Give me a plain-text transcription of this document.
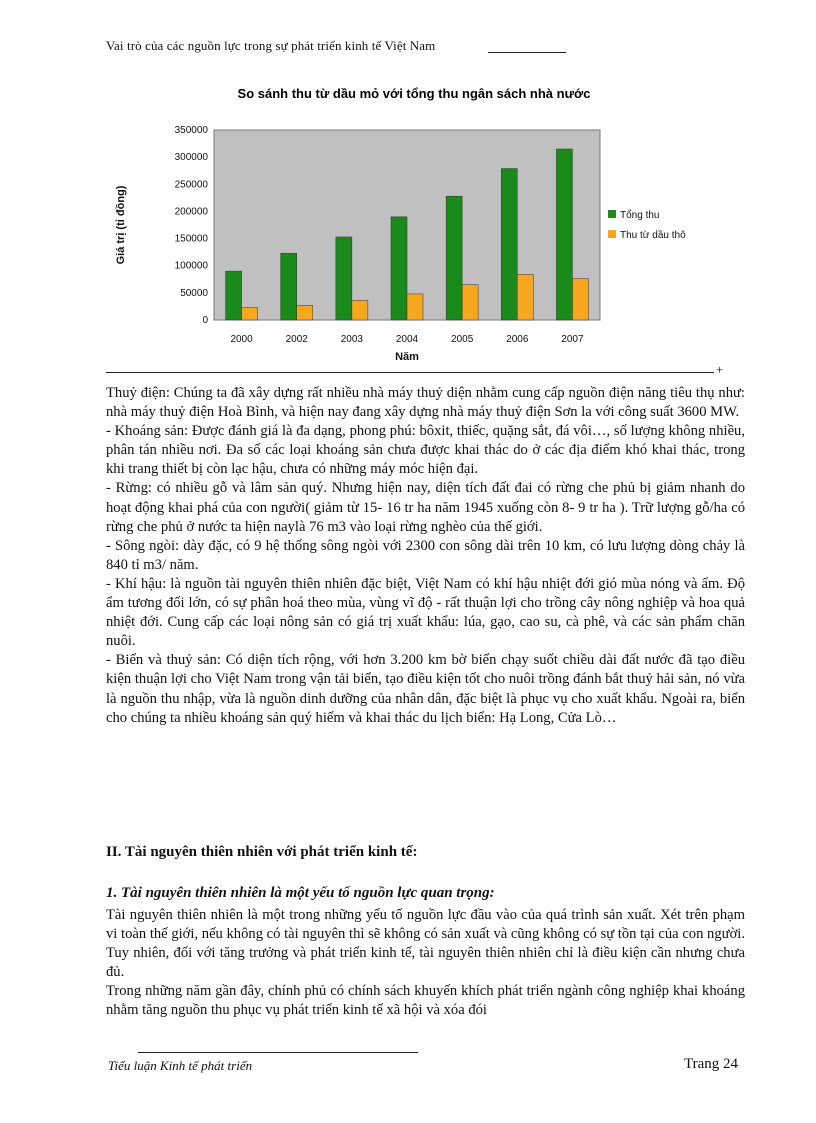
Vai trò của các nguồn lực trong sự phát triển kinh tế Việt Nam
So sánh thu từ dầu mỏ với tổng thu ngân sách nhà nước
0
50000
100000
150000
200000
250000
300000
350000
2000	2002	2003	2004	2005	2006	2007
Giá trị (tỉ đồng)
Năm
Tổng thu
Thu từ dầu thô
+

Thuỷ điện: Chúng ta đã xây dựng rất nhiều nhà máy thuỷ diện nhằm cung cấp nguồn điện năng tiêu thụ như: nhà máy thuỷ điện Hoà Bình, và hiện nay đang xây dựng nhà máy thuỷ điện Sơn la với công suất 3600 MW.

- Khoáng sản: Được đánh giá là đa dạng, phong phú: bôxit, thiếc, quặng sắt, đá vôi…, số lượng không nhiều, phân tán nhiều nơi. Đa số các loại khoáng sản chưa được khai thác do ở các địa điểm khó khai thác, trong khi trang thiết bị còn lạc hậu, chưa có những máy móc hiện đại.

- Rừng: có nhiều gỗ và lâm sản quý. Nhưng hiện nay, diện tích đất đai có rừng che phủ bị giảm nhanh do hoạt động khai phá của con người( giảm từ 15- 16 tr ha năm 1945 xuống còn 8- 9 tr ha ). Trữ lượng gỗ/ha có rừng che phủ ở nước ta hiện naylà 76 m3 vào loại rừng nghèo của thế giới.

- Sông ngòi: dày đặc, có 9 hệ thống sông ngòi với 2300 con sông dài trên 10 km, có lưu lượng dòng chảy là 840 tỉ m3/ năm.

- Khí hậu: là nguồn tài nguyên thiên nhiên đặc biệt, Việt Nam có khí hậu nhiệt đới gió mùa nóng và ẩm. Độ ẩm tương đối lớn, có sự phân hoá theo mùa, vùng vĩ độ - rất thuận lợi cho trồng cây nông nghiệp và hoa quả nhiệt đới. Cung cấp các loại nông sản có giá trị xuất khẩu: lúa, gạo, cao su, cà phê, và các sản phẩm chăn nuôi.

- Biển và thuỷ sản: Có diện tích rộng, với hơn 3.200 km bờ biển chạy suốt chiều dài đất nước đã tạo điều kiện thuận lợi cho Việt Nam trong vận tải biển, tạo điều kiện tốt cho nuôi trồng đánh bắt thuỷ hải sản, nó vừa là nguồn thu nhập, vừa là nguồn dinh dưỡng của nhân dân, đặc biệt là phục vụ cho xuất khẩu. Ngoài ra, biển cho chúng ta nhiều khoáng sản quý hiếm và khai thác du lịch biển: Hạ Long, Cửa Lò…

II. Tài nguyên thiên nhiên với phát triển kinh tế:
1. Tài nguyên thiên nhiên là một yếu tố nguồn lực quan trọng:

Tài nguyên thiên nhiên là một trong những yếu tố nguồn lực đầu vào của quá trình sản xuất. Xét trên phạm vi toàn thế giới, nếu không có tài nguyên thì sẽ không có sản xuất và cũng không có sự tồn tại của con người. Tuy nhiên, đối với tăng trưởng và phát triển kinh tế, tài nguyên thiên nhiên chỉ là điều kiện cần nhưng chưa đủ.

Trong những năm gần đây, chính phủ có chính sách khuyến khích phát triển ngành công nghiệp khai khoáng nhằm tăng nguồn thu phục vụ phát triển kinh tế xã hội và xóa đói

Tiểu luận Kinh tế phát triển	Trang 24
